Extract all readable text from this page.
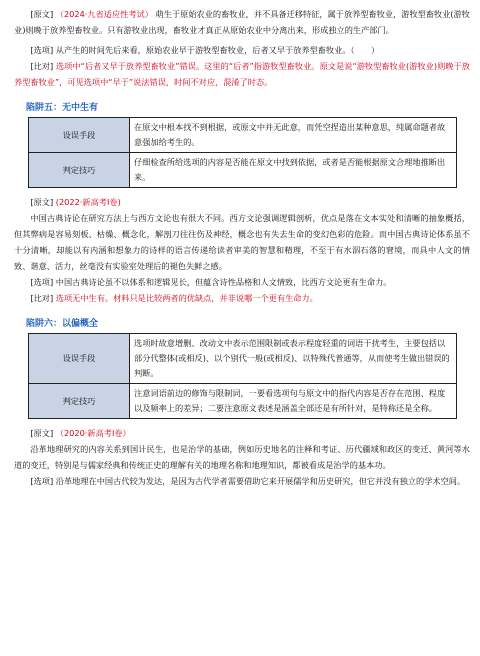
[原文] （2024·九省适应性考试） 萌生于原始农业的畜牧业，并不具备迁移特征，属于放养型畜牧业，游牧型畜牧业(游牧业)则晚于放养型畜牧业。只有游牧业出现，畜牧业才真正从原始农业中分离出来，形成独立的生产部门。

[选项] 从产生的时间先后来看，原始农业早于游牧型畜牧业，后者又早于放养型畜牧业。（　　）

[比对] 选项中“后者又早于放养型畜牧业”错误。这里的“后者”指游牧型畜牧业。原文是说“游牧型畜牧业(游牧业)则晚于放养型畜牧业”，可见选项中“早于”说法错误，时间不对应，混淆了时态。

陷阱五：无中生有
设误手段	在原文中根本找不到根据，或原文中并无此意，而凭空捏造出某种意思，纯属命题者故意强加给考生的。
判定技巧	仔细检查所给选项的内容是否能在原文中找到依据，或者是否能根据原文合理地推断出来。

[原文] (2022·新高考Ⅰ卷)

中国古典诗论在研究方法上与西方文论也有很大不同。西方文论强调逻辑剖析，优点是落在文本实处和清晰的抽象概括，但其弊病是容易刻板、枯燥、概念化，解剖刀往往伤及神经，概念也有失去生命的变幻色彩的危险。而中国古典诗论体系虽不十分清晰，却能以有内涵和想象力的诗样的语言传递给读者审美的智慧和精理，不至于有水泅石落的窘境，而具中人文的情致、谐意、活力，丝毫没有实验室处理后的褪色失鲜之感。

[选项] 中国古典诗论虽不以体系和逻辑见长，但蕴含诗性品格和人文情致，比西方文论更有生命力。

[比对] 选项无中生有。材料只是比较两者的优缺点，并非说哪一个更有生命力。

陷阱六：以偏概全
设误手段	选项时故意增删、改动文中表示范围限制或表示程度轻重的词语干扰考生，主要包括以部分代整体(或相反)、以个别代一般(或相反)、以特殊代普通等，从而使考生做出错误的判断。
判定技巧	注意词语前边的修饰与限制词，一要看选项句与原文中的指代内容是否存在范围、程度以及频率上的差异；二要注意原文表述是涵盖全部还是有所针对，是特称还是全称。

[原文] （2020·新高考Ⅰ卷）

沿革地理研究的内容关系到国计民生，也是治学的基础，例如历史地名的注释和考证、历代疆域和政区的变迁、黄河等水道的变迁，特别是与儒家经典和传统正史的理解有关的地理名称和地理知识，都被看成是治学的基本功。

[选项] 沿革地理在中国古代较为发达，是因为古代学者需要借助它来开展儒学和历史研究，但它并没有独立的学术空间。
